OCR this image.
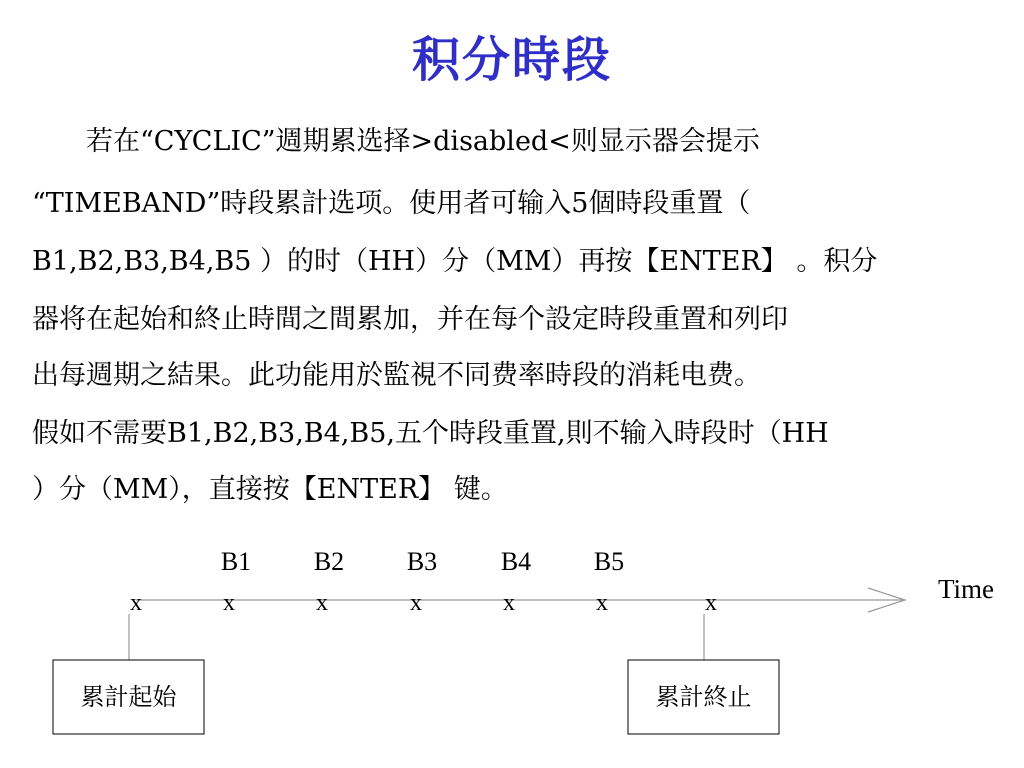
积分時段
　　若在“CYCLIC”週期累选择>disabled<则显示器会提示
“TIMEBAND”時段累計选项。使用者可输入5個時段重置（
B1,B2,B3,B4,B5 ）的时（HH）分（MM）再按【ENTER】 。积分
器将在起始和終止時間之間累加，并在每个設定時段重置和列印
出每週期之結果。此功能用於監視不同费率時段的消耗电费。
假如不需要B1,B2,B3,B4,B5,五个時段重置,則不输入時段时（HH
）分（MM），直接按【ENTER】 键。
B1 B2 B3 B4 B5
x	x	x	x	x	x	x	Time
累計起始	累計終止
